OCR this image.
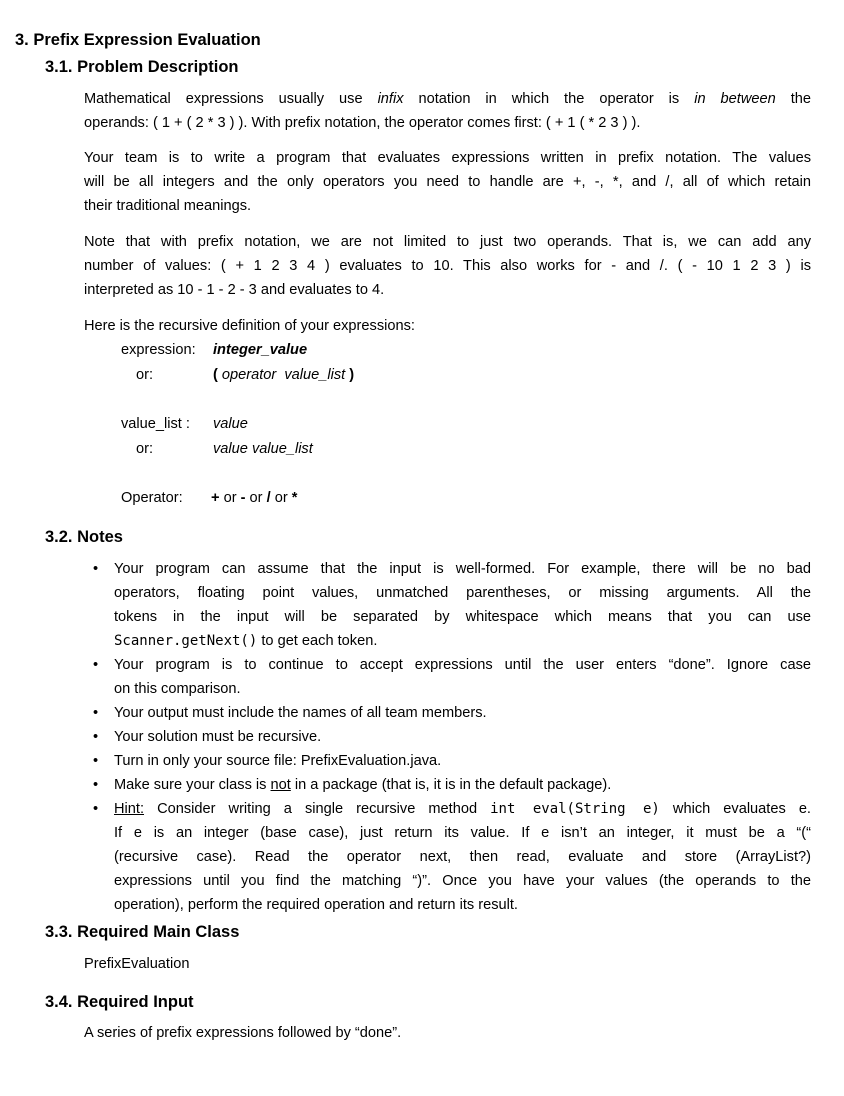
3. Prefix Expression Evaluation
3.1. Problem Description
Mathematical expressions usually use infix notation in which the operator is in between the
operands: ( 1 + ( 2 * 3 ) ). With prefix notation, the operator comes first: ( + 1 ( * 2 3 ) ).
Your team is to write a program that evaluates expressions written in prefix notation. The values
will be all integers and the only operators you need to handle are +, -, *, and /, all of which retain
their traditional meanings.
Note that with prefix notation, we are not limited to just two operands. That is, we can add any
number of values: ( + 1 2 3 4 ) evaluates to 10. This also works for - and /. ( - 10 1 2 3 ) is
interpreted as 10 - 1 - 2 - 3 and evaluates to 4.
Here is the recursive definition of your expressions:
expression: integer_value
or:	( operator  value_list )
value_list : value
or:	value value_list
Operator: + or - or / or *
3.2. Notes
• Your program can assume that the input is well-formed. For example, there will be no bad
operators, floating point values, unmatched parentheses, or missing arguments. All the
tokens in the input will be separated by whitespace which means that you can use
Scanner.getNext() to get each token.
• Your program is to continue to accept expressions until the user enters “done”. Ignore case
on this comparison.
• Your output must include the names of all team members.
• Your solution must be recursive.
• Turn in only your source file: PrefixEvaluation.java.
• Make sure your class is not in a package (that is, it is in the default package).
• Hint: Consider writing a single recursive method int eval(String e) which evaluates e.
If e is an integer (base case), just return its value. If e isn’t an integer, it must be a “(“
(recursive case). Read the operator next, then read, evaluate and store (ArrayList?)
expressions until you find the matching “)”. Once you have your values (the operands to the
operation), perform the required operation and return its result.
3.3. Required Main Class
PrefixEvaluation
3.4. Required Input
A series of prefix expressions followed by “done”.
